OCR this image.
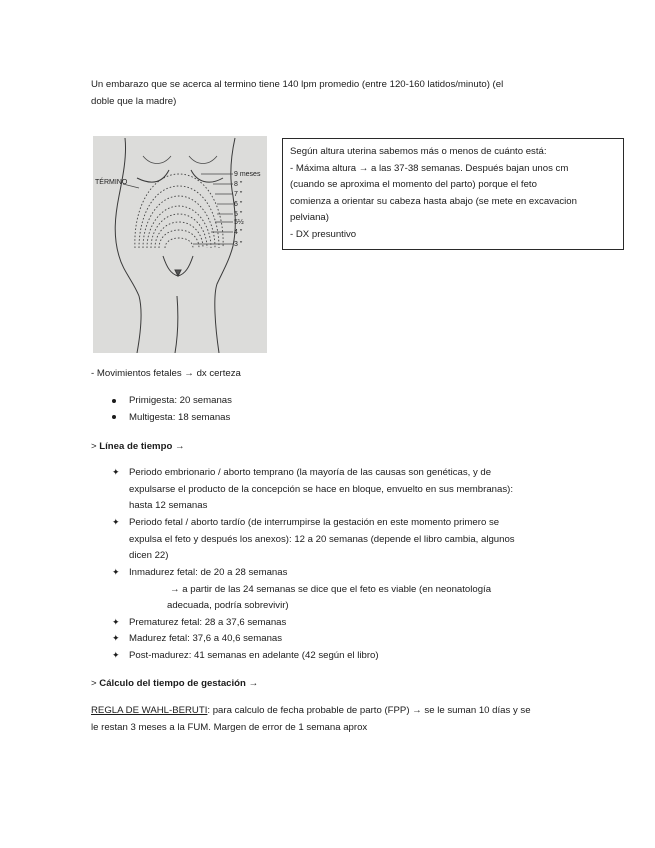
Un embarazo que se acerca al termino tiene 140 lpm promedio (entre 120-160 latidos/minuto) (el
doble que la madre)
TÉRMINO
9 meses
8 "
7 "
6 "
5 "
5½
4 "
3 "
Según altura uterina sabemos más o menos de cuánto está:
- Máxima altura → a las 37-38 semanas. Después bajan unos cm
(cuando se aproxima el momento del parto) porque el feto
comienza a orientar su cabeza hasta abajo (se mete en excavacion
pelviana)
- DX presuntivo
- Movimientos fetales → dx certeza
Primigesta: 20 semanas
Multigesta: 18 semanas
> Línea de tiempo →
✦ Periodo embrionario / aborto temprano (la mayoría de las causas son genéticas, y de
expulsarse el producto de la concepción se hace en bloque, envuelto en sus membranas):
hasta 12 semanas
✦ Periodo fetal / aborto tardío (de interrumpirse la gestación en este momento primero se
expulsa el feto y después los anexos): 12 a 20 semanas (depende el libro cambia, algunos
dicen 22)
✦ Inmadurez fetal: de 20 a 28 semanas
→ a partir de las 24 semanas se dice que el feto es viable (en neonatología
adecuada, podría sobrevivir)
✦ Prematurez fetal: 28 a 37,6 semanas
✦ Madurez fetal: 37,6 a 40,6 semanas
✦ Post-madurez: 41 semanas en adelante (42 según el libro)
> Cálculo del tiempo de gestación →
REGLA DE WAHL-BERUTI: para calculo de fecha probable de parto (FPP) → se le suman 10 días y se
le restan 3 meses a la FUM. Margen de error de 1 semana aprox
